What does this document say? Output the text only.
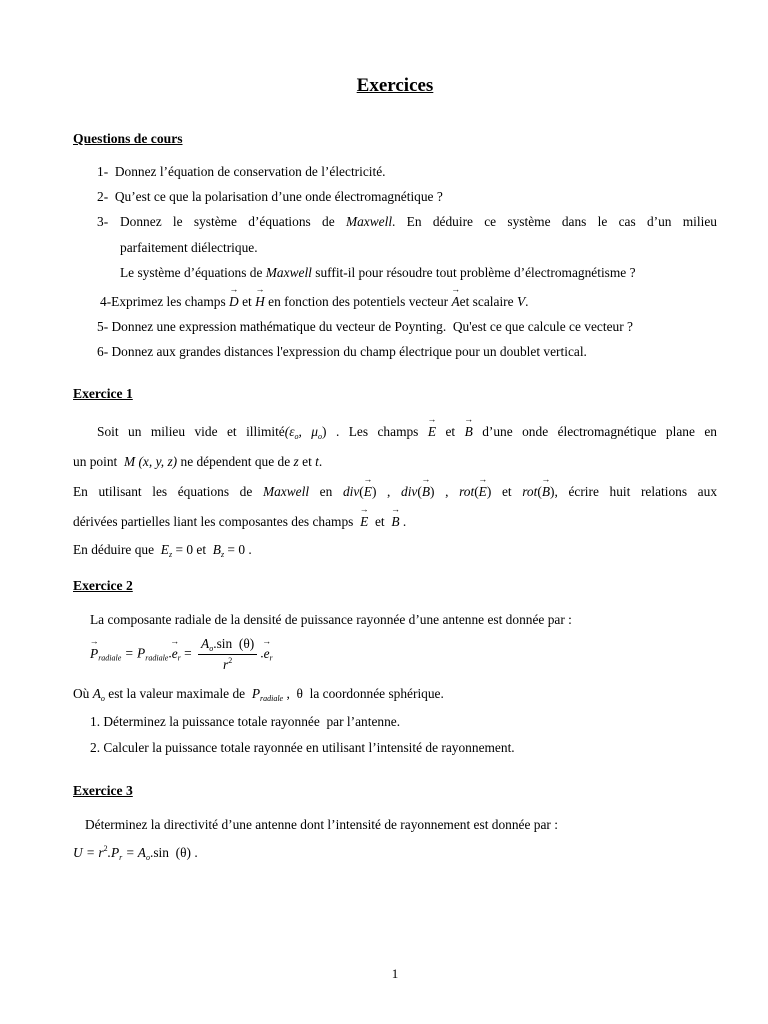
Exercices
Questions de cours
1-  Donnez l’équation de conservation de l’électricité.
2-  Qu’est ce que la polarisation d’une onde électromagnétique ?
3- Donnez le système d’équations de Maxwell. En déduire ce système dans le cas d’un milieu
parfaitement diélectrique.
Le système d’équations de Maxwell suffit-il pour résoudre tout problème d’électromagnétisme ?
4-Exprimez les champs → D et → H en fonction des potentiels vecteur → Aet scalaire V.
5- Donnez une expression mathématique du vecteur de Poynting.  Qu'est ce que calcule ce vecteur ?
6- Donnez aux grandes distances l'expression du champ électrique pour un doublet vertical.
Exercice 1
Soit un milieu vide et $illimité(\varepsilon_o$, $\mu_o$) . Les champs → E et → B d’une onde électromagnétique plane en
un point M (x, y, z) ne dépendent que de z et t.
En utilisant les équations de Maxwell en div(→ E) , div(→ B) , rot(→ E) et rot(→ B), écrire huit relations aux
dérivées partielles liant les composantes des champs → E et → B .
En déduire que $E_z = 0$ et $B_z = 0$ .
Exercice 2
La composante radiale de la densité de puissance rayonnée d’une antenne est donnée par :
→ $P_{radiale} = P_{radiale}.\to e_r = \frac{A_o.\sin (\theta)}{r^2}$ .→ $e_r$
Où $A_o$ est la valeur maximale de $P_{radiale}$ ,  θ  la coordonnée sphérique.
1. Déterminez la puissance totale rayonnée  par l’antenne.
2. Calculer la puissance totale rayonnée en utilisant l’intensité de rayonnement.
Exercice 3
Déterminez la directivité d’une antenne dont l’intensité de rayonnement est donnée par :
$U = r^2.P_r = A_o.\sin$  (θ) .
1
